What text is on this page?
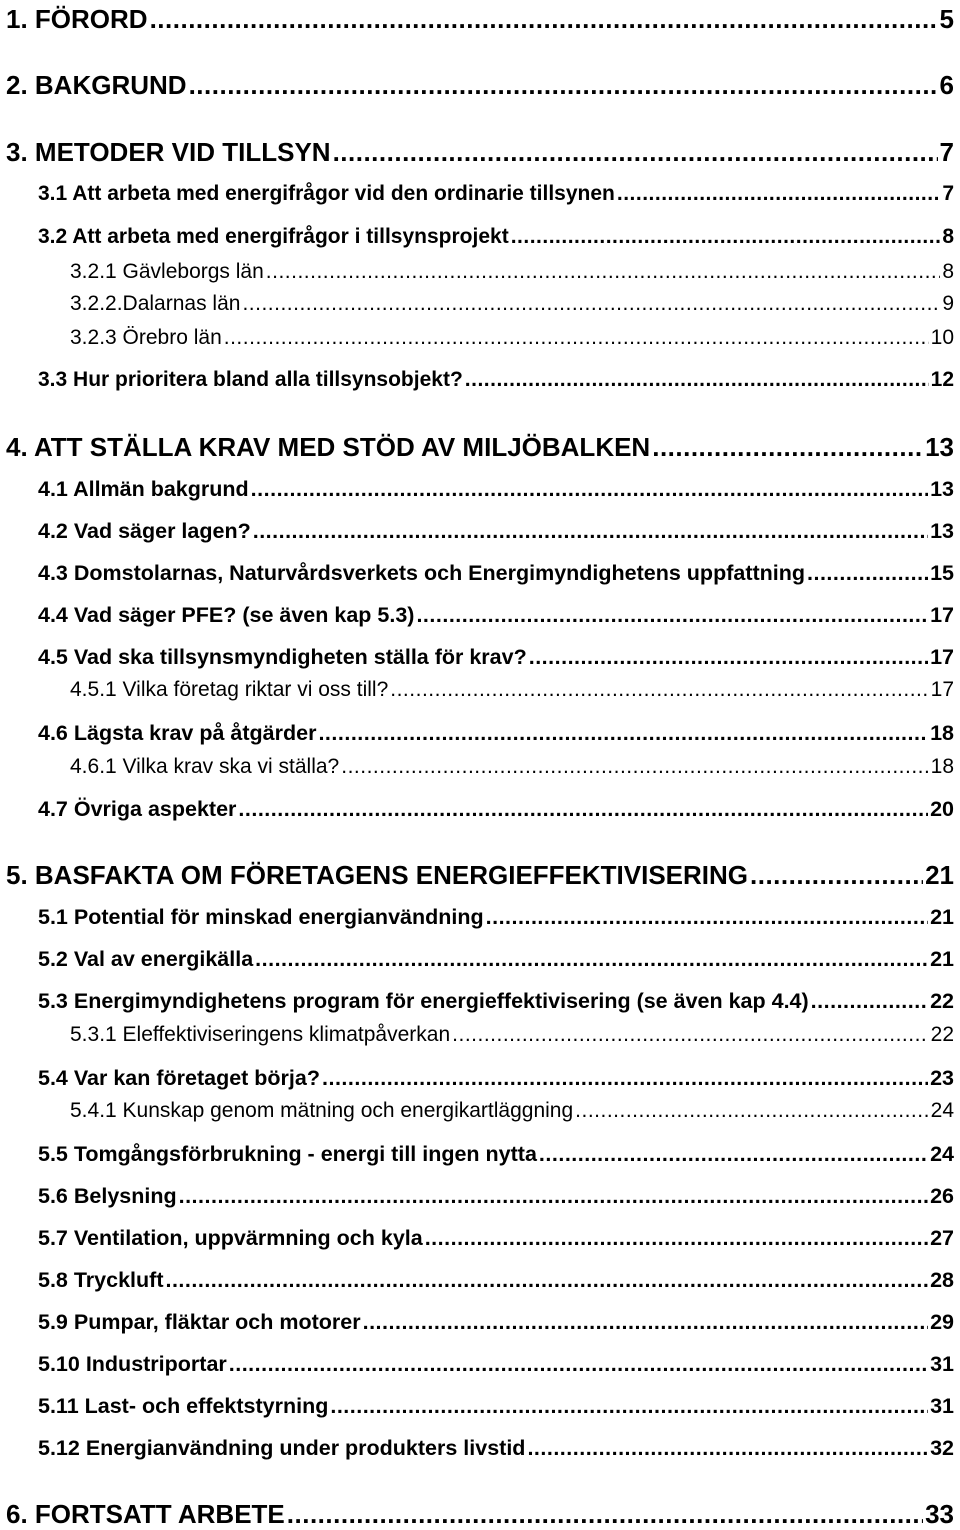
1. FÖRORD .....	5
2. BAKGRUND .....	6
3. METODER VID TILLSYN .....	7
3.1 Att arbeta med energifrågor vid den ordinarie tillsynen .....	7
3.2 Att arbeta med energifrågor i tillsynsprojekt .....	8
3.2.1 Gävleborgs län .....	8
3.2.2.Dalarnas län .....	9
3.2.3 Örebro län .....	10
3.3 Hur prioritera bland alla tillsynsobjekt? .....	12
4. ATT STÄLLA KRAV MED STÖD AV MILJÖBALKEN .....	13
4.1 Allmän bakgrund .....	13
4.2 Vad säger lagen? .....	13
4.3 Domstolarnas, Naturvårdsverkets och Energimyndighetens uppfattning .....	15
4.4 Vad säger PFE? (se även kap 5.3) .....	17
4.5 Vad ska tillsynsmyndigheten ställa för krav? .....	17
4.5.1 Vilka företag riktar vi oss till? .....	17
4.6 Lägsta krav på åtgärder .....	18
4.6.1 Vilka krav ska vi ställa? .....	18
4.7 Övriga aspekter .....	20
5. BASFAKTA OM FÖRETAGENS ENERGIEFFEKTIVISERING .....	21
5.1 Potential för minskad energianvändning .....	21
5.2 Val av energikälla .....	21
5.3 Energimyndighetens program för energieffektivisering (se även kap 4.4) .....	22
5.3.1 Eleffektiviseringens klimatpåverkan .....	22
5.4 Var kan företaget börja? .....	23
5.4.1 Kunskap genom mätning och energikartläggning .....	24
5.5 Tomgångsförbrukning - energi till ingen nytta .....	24
5.6 Belysning .....	26
5.7 Ventilation, uppvärmning och kyla .....	27
5.8 Tryckluft .....	28
5.9 Pumpar, fläktar och motorer .....	29
5.10 Industriportar .....	31
5.11 Last- och effektstyrning .....	31
5.12 Energianvändning under produkters livstid .....	32
6. FORTSATT ARBETE .....	33
